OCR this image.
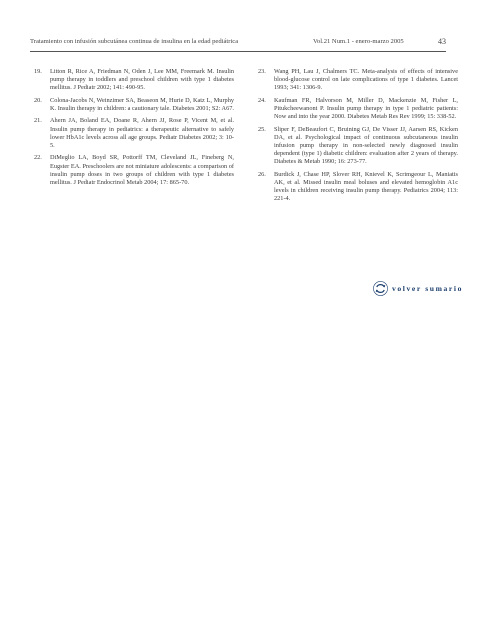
Tratamiento con infusión subcutánea continua de insulina en la edad pediátrica	Vol.21 Num.1 - enero-marzo 2005	43

19. Litton R, Rice A, Friedman N, Oden J, Lee MM, Freemark M. Insulin pump therapy in toddlers and preschool children with type 1 diabetes mellitus. J Pediatr 2002; 141: 490-95.

20. Colona-Jacobs N, Weinzimer SA, Beaseon M, Hurie D, Katz L, Murphy K. Insulin therapy in children: a cautionary tale. Diabetes 2001; S2: A67.

21. Ahern JA, Boland EA, Doane R, Ahern JJ, Rose P, Vicent M, et al. Insulin pump therapy in pediatrics: a therapeutic alternative to safely lower HbA1c levels across all age groups. Pediatr Diabetes 2002; 3: 10-5.

22. DiMeglio LA, Boyd SR, Pottorff TM, Cleveland JL, Fineberg N, Eugster EA. Preschoolers are not miniature adolescents: a comparison of insulin pump doses in two groups of children with type 1 diabetes mellitus. J Pediatr Endocrinol Metab 2004; 17: 865-70.

23. Wang PH, Lau J, Chalmers TC. Meta-analysis of effects of intensive blood-glucose control on late complications of type 1 diabetes. Lancet 1993; 341: 1306-9.

24. Kaufman FR, Halvorson M, Miller D, Mackenzie M, Fisher L, Pitukcheewanont P. Insulin pump therapy in type 1 pediatric patients: Now and into the year 2000. Diabetes Metab Res Rev 1999; 15: 338-52.

25. Sliper F, DeBeaufort C, Bruining GJ, De Visser JJ, Aarsen RS, Kicken DA, et al. Psychological impact of continuous subcutaneous insulin infusion pump therapy in non-selected newly diagnosed insulin dependent (type 1) diabetic children: evaluation after 2 years of therapy. Diabetes & Metab 1990; 16: 273-77.

26. Burdick J, Chase HP, Slover RH, Knievel K, Scrimgeour L, Maniatis AK, et al. Missed insulin meal boluses and elevated hemoglobin A1c levels in children receiving insulin pump therapy. Pediatrics 2004; 113: 221-4.

volver sumario
